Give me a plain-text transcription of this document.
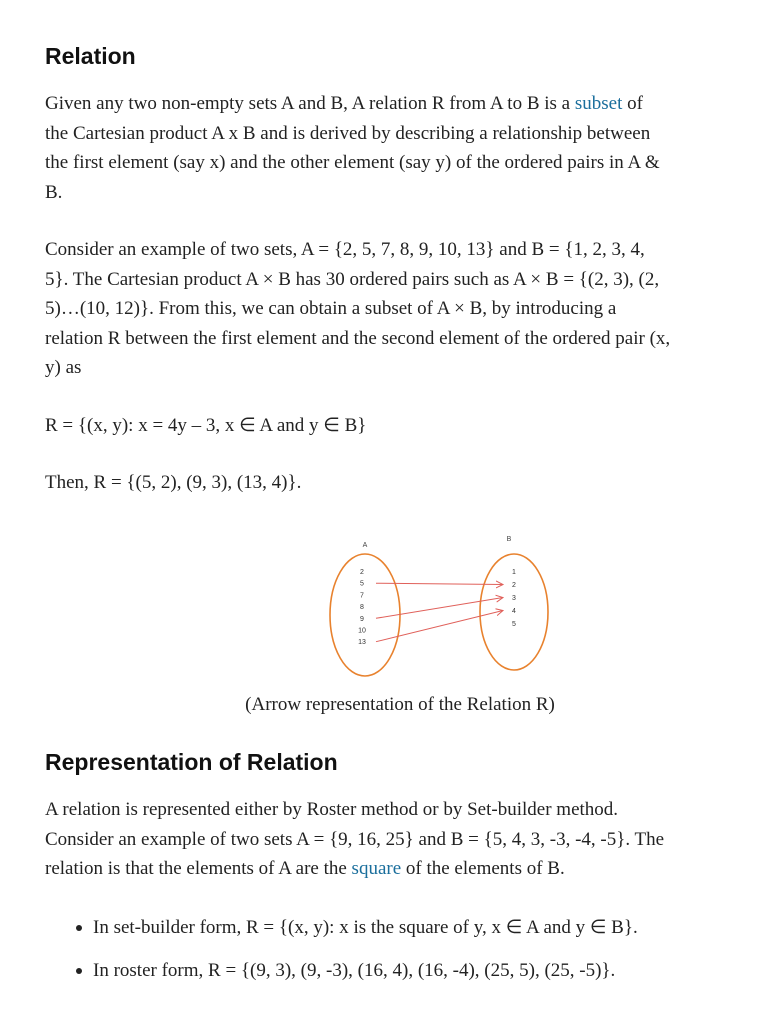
Relation

Given any two non-empty sets A and B, A relation R from A to B is a subset of
the Cartesian product A x B and is derived by describing a relationship between
the first element (say x) and the other element (say y) of the ordered pairs in A &
B.

Consider an example of two sets, A = {2, 5, 7, 8, 9, 10, 13} and B = {1, 2, 3, 4,
5}. The Cartesian product A × B has 30 ordered pairs such as A × B = {(2, 3), (2,
5)…(10, 12)}. From this, we can obtain a subset of A × B, by introducing a
relation R between the first element and the second element of the ordered pair (x,
y) as

R = {(x, y): x = 4y – 3, x ∈ A and y ∈ B}

Then, R = {(5, 2), (9, 3), (13, 4)}.

A
B
2
5
7
8
9
10
13
1
2
3
4
5
(Arrow representation of the Relation R)
Representation of Relation

A relation is represented either by Roster method or by Set-builder method.
Consider an example of two sets A = {9, 16, 25} and B = {5, 4, 3, -3, -4, -5}. The
relation is that the elements of A are the square of the elements of B.

In set-builder form, R = {(x, y): x is the square of y, x ∈ A and y ∈ B}.
In roster form, R = {(9, 3), (9, -3), (16, 4), (16, -4), (25, 5), (25, -5)}.
